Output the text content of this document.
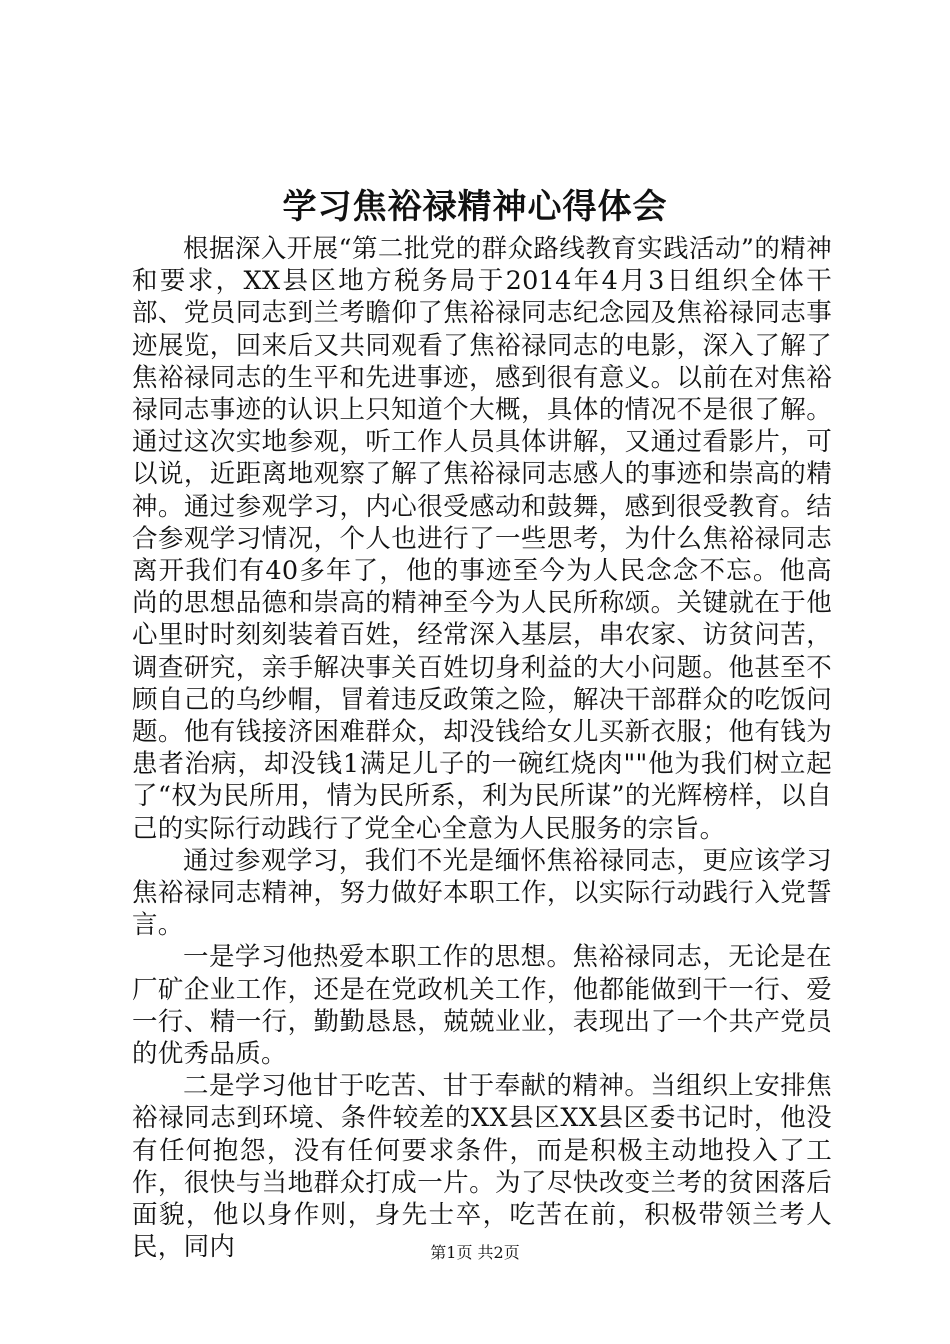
学习焦裕禄精神心得体会

根据深入开展“第二批党的群众路线教育实践活动”的精神和要求，XX县区地方税务局于2014年4月3日组织全体干部、党员同志到兰考瞻仰了焦裕禄同志纪念园及焦裕禄同志事迹展览，回来后又共同观看了焦裕禄同志的电影，深入了解了焦裕禄同志的生平和先进事迹，感到很有意义。以前在对焦裕禄同志事迹的认识上只知道个大概，具体的情况不是很了解。通过这次实地参观，听工作人员具体讲解，又通过看影片，可以说，近距离地观察了解了焦裕禄同志感人的事迹和崇高的精神。通过参观学习，内心很受感动和鼓舞，感到很受教育。结合参观学习情况，个人也进行了一些思考，为什么焦裕禄同志离开我们有40多年了，他的事迹至今为人民念念不忘。他高尚的思想品德和崇高的精神至今为人民所称颂。关键就在于他心里时时刻刻装着百姓，经常深入基层，串农家、访贫问苦，调查研究，亲手解决事关百姓切身利益的大小问题。他甚至不顾自己的乌纱帽，冒着违反政策之险，解决干部群众的吃饭问题。他有钱接济困难群众，却没钱给女儿买新衣服；他有钱为患者治病，却没钱1满足儿子的一碗红烧肉""他为我们树立起了“权为民所用，情为民所系，利为民所谋”的光辉榜样，以自己的实际行动践行了党全心全意为人民服务的宗旨。

通过参观学习，我们不光是缅怀焦裕禄同志，更应该学习焦裕禄同志精神，努力做好本职工作，以实际行动践行入党誓言。

一是学习他热爱本职工作的思想。焦裕禄同志，无论是在厂矿企业工作，还是在党政机关工作，他都能做到干一行、爱一行、精一行，勤勤恳恳，兢兢业业，表现出了一个共产党员的优秀品质。

二是学习他甘于吃苦、甘于奉献的精神。当组织上安排焦裕禄同志到环境、条件较差的XX县区XX县区委书记时，他没有任何抱怨，没有任何要求条件，而是积极主动地投入了工作，很快与当地群众打成一片。为了尽快改变兰考的贫困落后面貌，他以身作则，身先士卒，吃苦在前，积极带领兰考人民，同内	第1页 共2页
